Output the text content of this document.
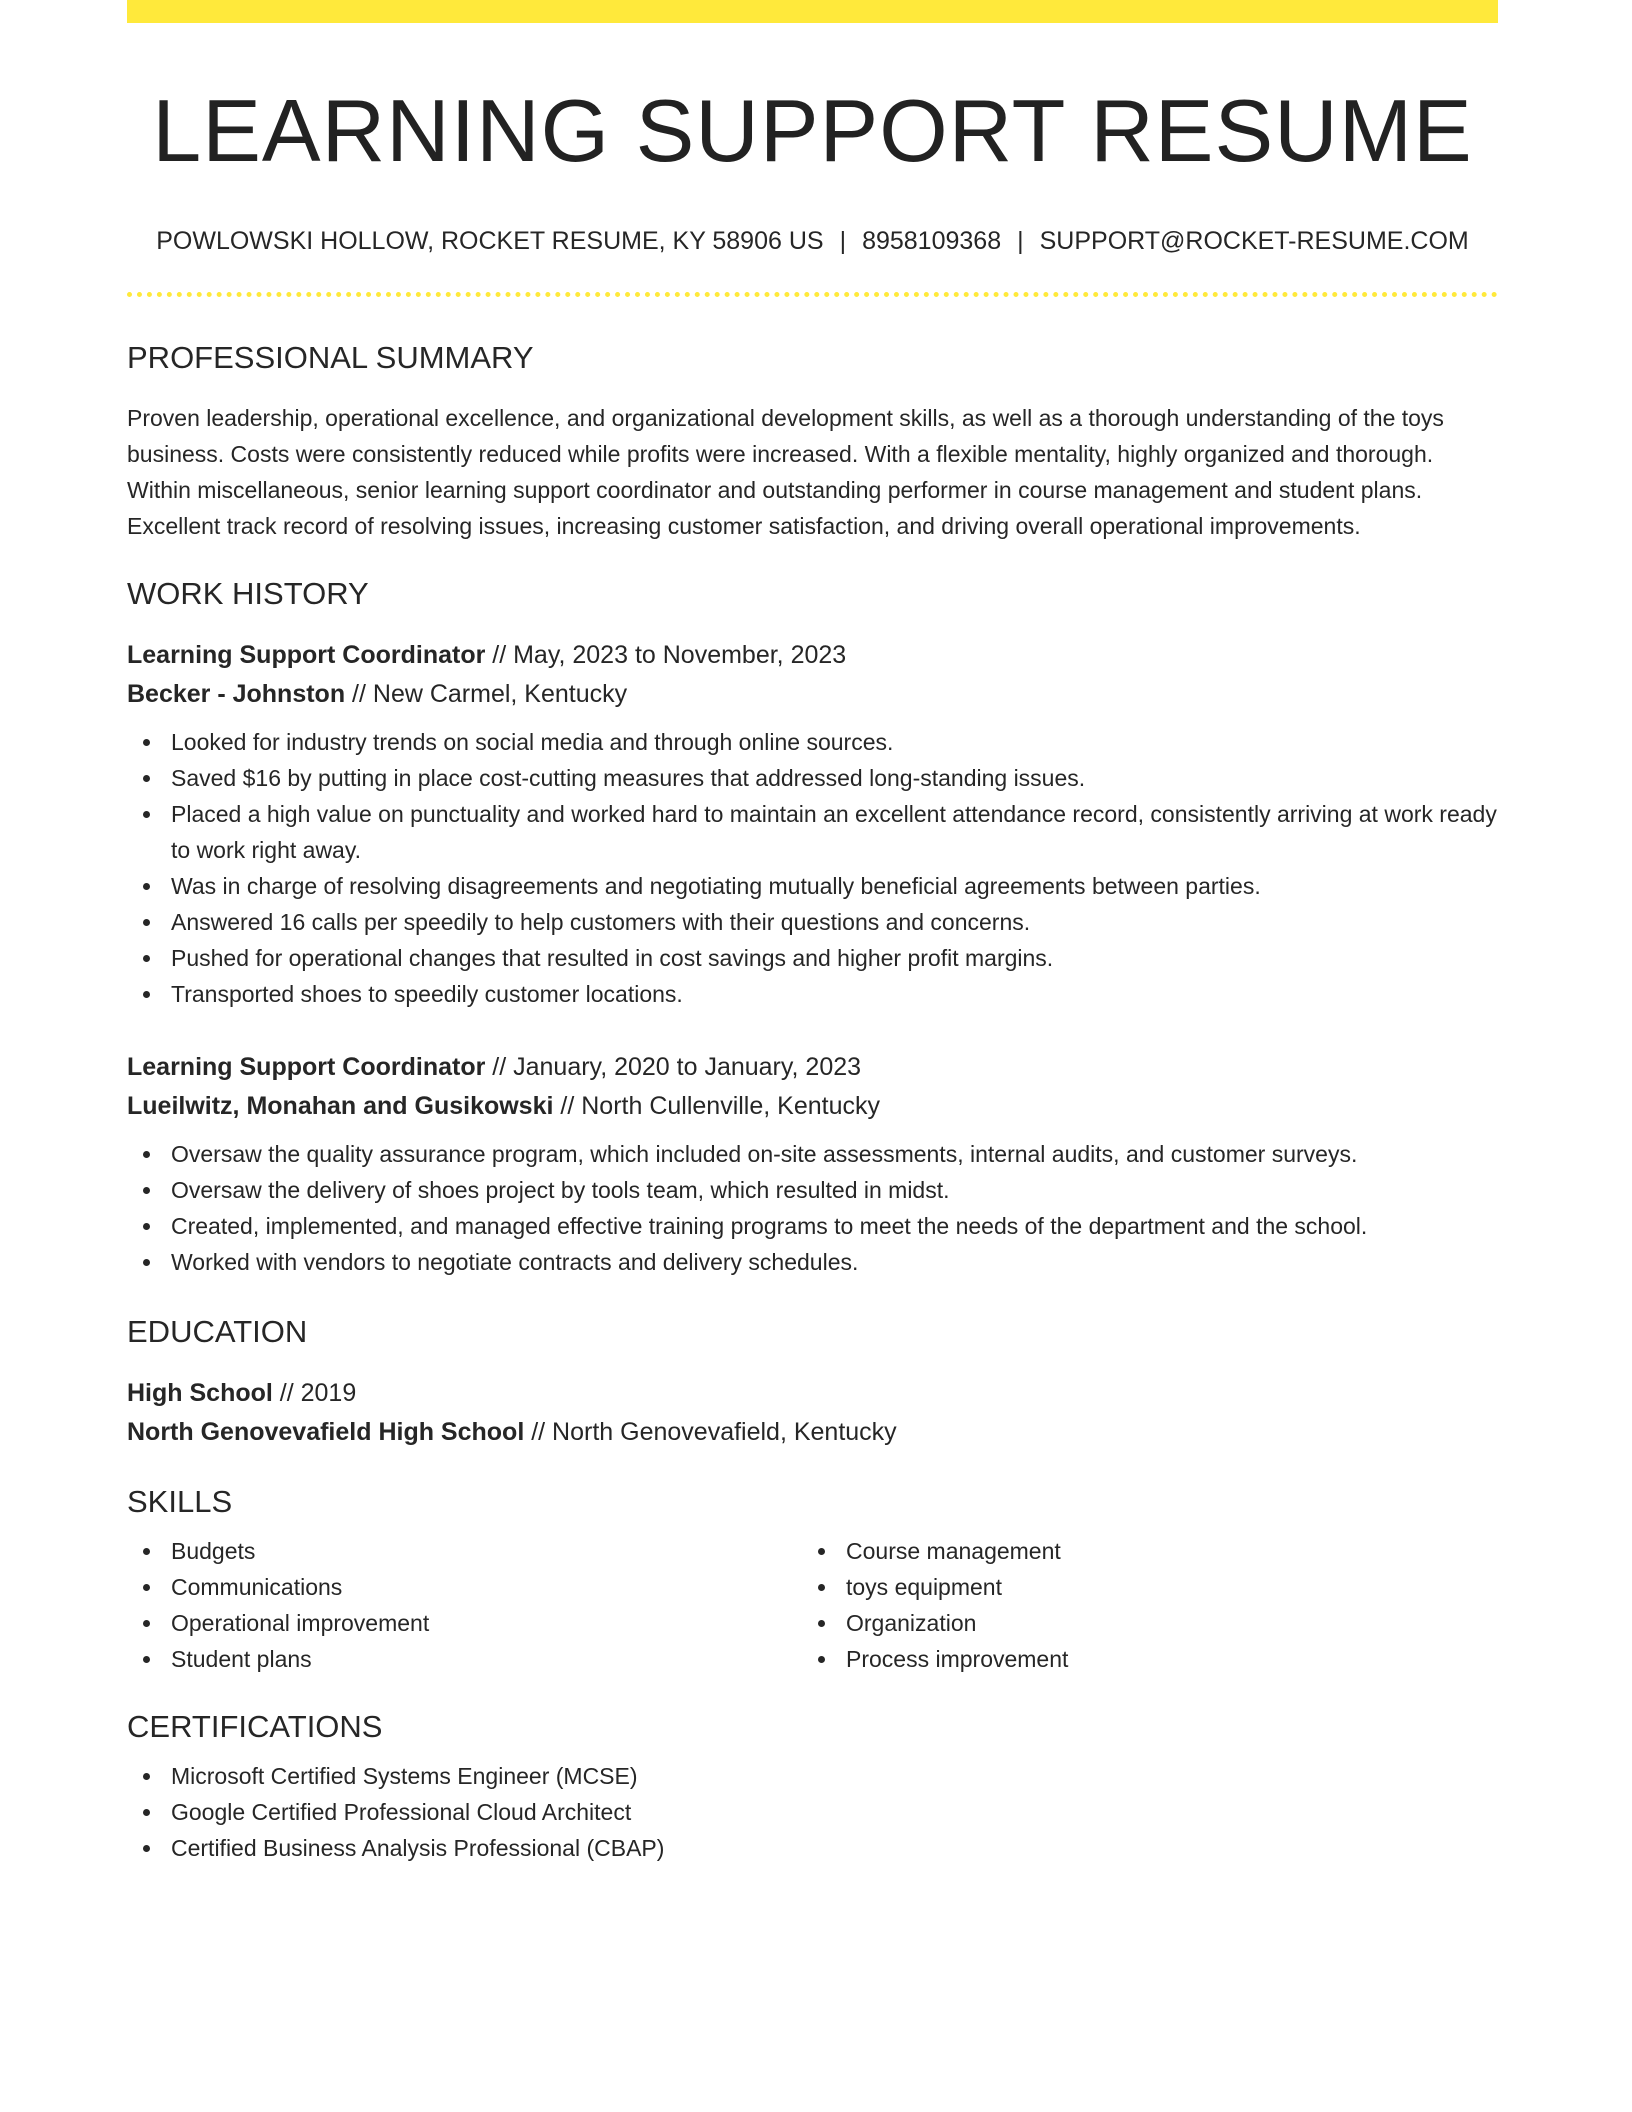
LEARNING SUPPORT RESUME
POWLOWSKI HOLLOW, ROCKET RESUME, KY 58906 US | 8958109368 | SUPPORT@ROCKET-RESUME.COM
PROFESSIONAL SUMMARY

Proven leadership, operational excellence, and organizational development skills, as well as a thorough understanding of the toys business. Costs were consistently reduced while profits were increased. With a flexible mentality, highly organized and thorough. Within miscellaneous, senior learning support coordinator and outstanding performer in course management and student plans. Excellent track record of resolving issues, increasing customer satisfaction, and driving overall operational improvements.

WORK HISTORY
Learning Support Coordinator // May, 2023 to November, 2023
Becker - Johnston // New Carmel, Kentucky
Looked for industry trends on social media and through online sources.
Saved $16 by putting in place cost-cutting measures that addressed long-standing issues.
Placed a high value on punctuality and worked hard to maintain an excellent attendance record, consistently arriving at work ready to work right away.
Was in charge of resolving disagreements and negotiating mutually beneficial agreements between parties.
Answered 16 calls per speedily to help customers with their questions and concerns.
Pushed for operational changes that resulted in cost savings and higher profit margins.
Transported shoes to speedily customer locations.
Learning Support Coordinator // January, 2020 to January, 2023
Lueilwitz, Monahan and Gusikowski // North Cullenville, Kentucky
Oversaw the quality assurance program, which included on-site assessments, internal audits, and customer surveys.
Oversaw the delivery of shoes project by tools team, which resulted in midst.
Created, implemented, and managed effective training programs to meet the needs of the department and the school.
Worked with vendors to negotiate contracts and delivery schedules.
EDUCATION
High School // 2019
North Genovevafield High School // North Genovevafield, Kentucky
SKILLS
Budgets
Communications
Operational improvement
Student plans
Course management
toys equipment
Organization
Process improvement
CERTIFICATIONS
Microsoft Certified Systems Engineer (MCSE)
Google Certified Professional Cloud Architect
Certified Business Analysis Professional (CBAP)
